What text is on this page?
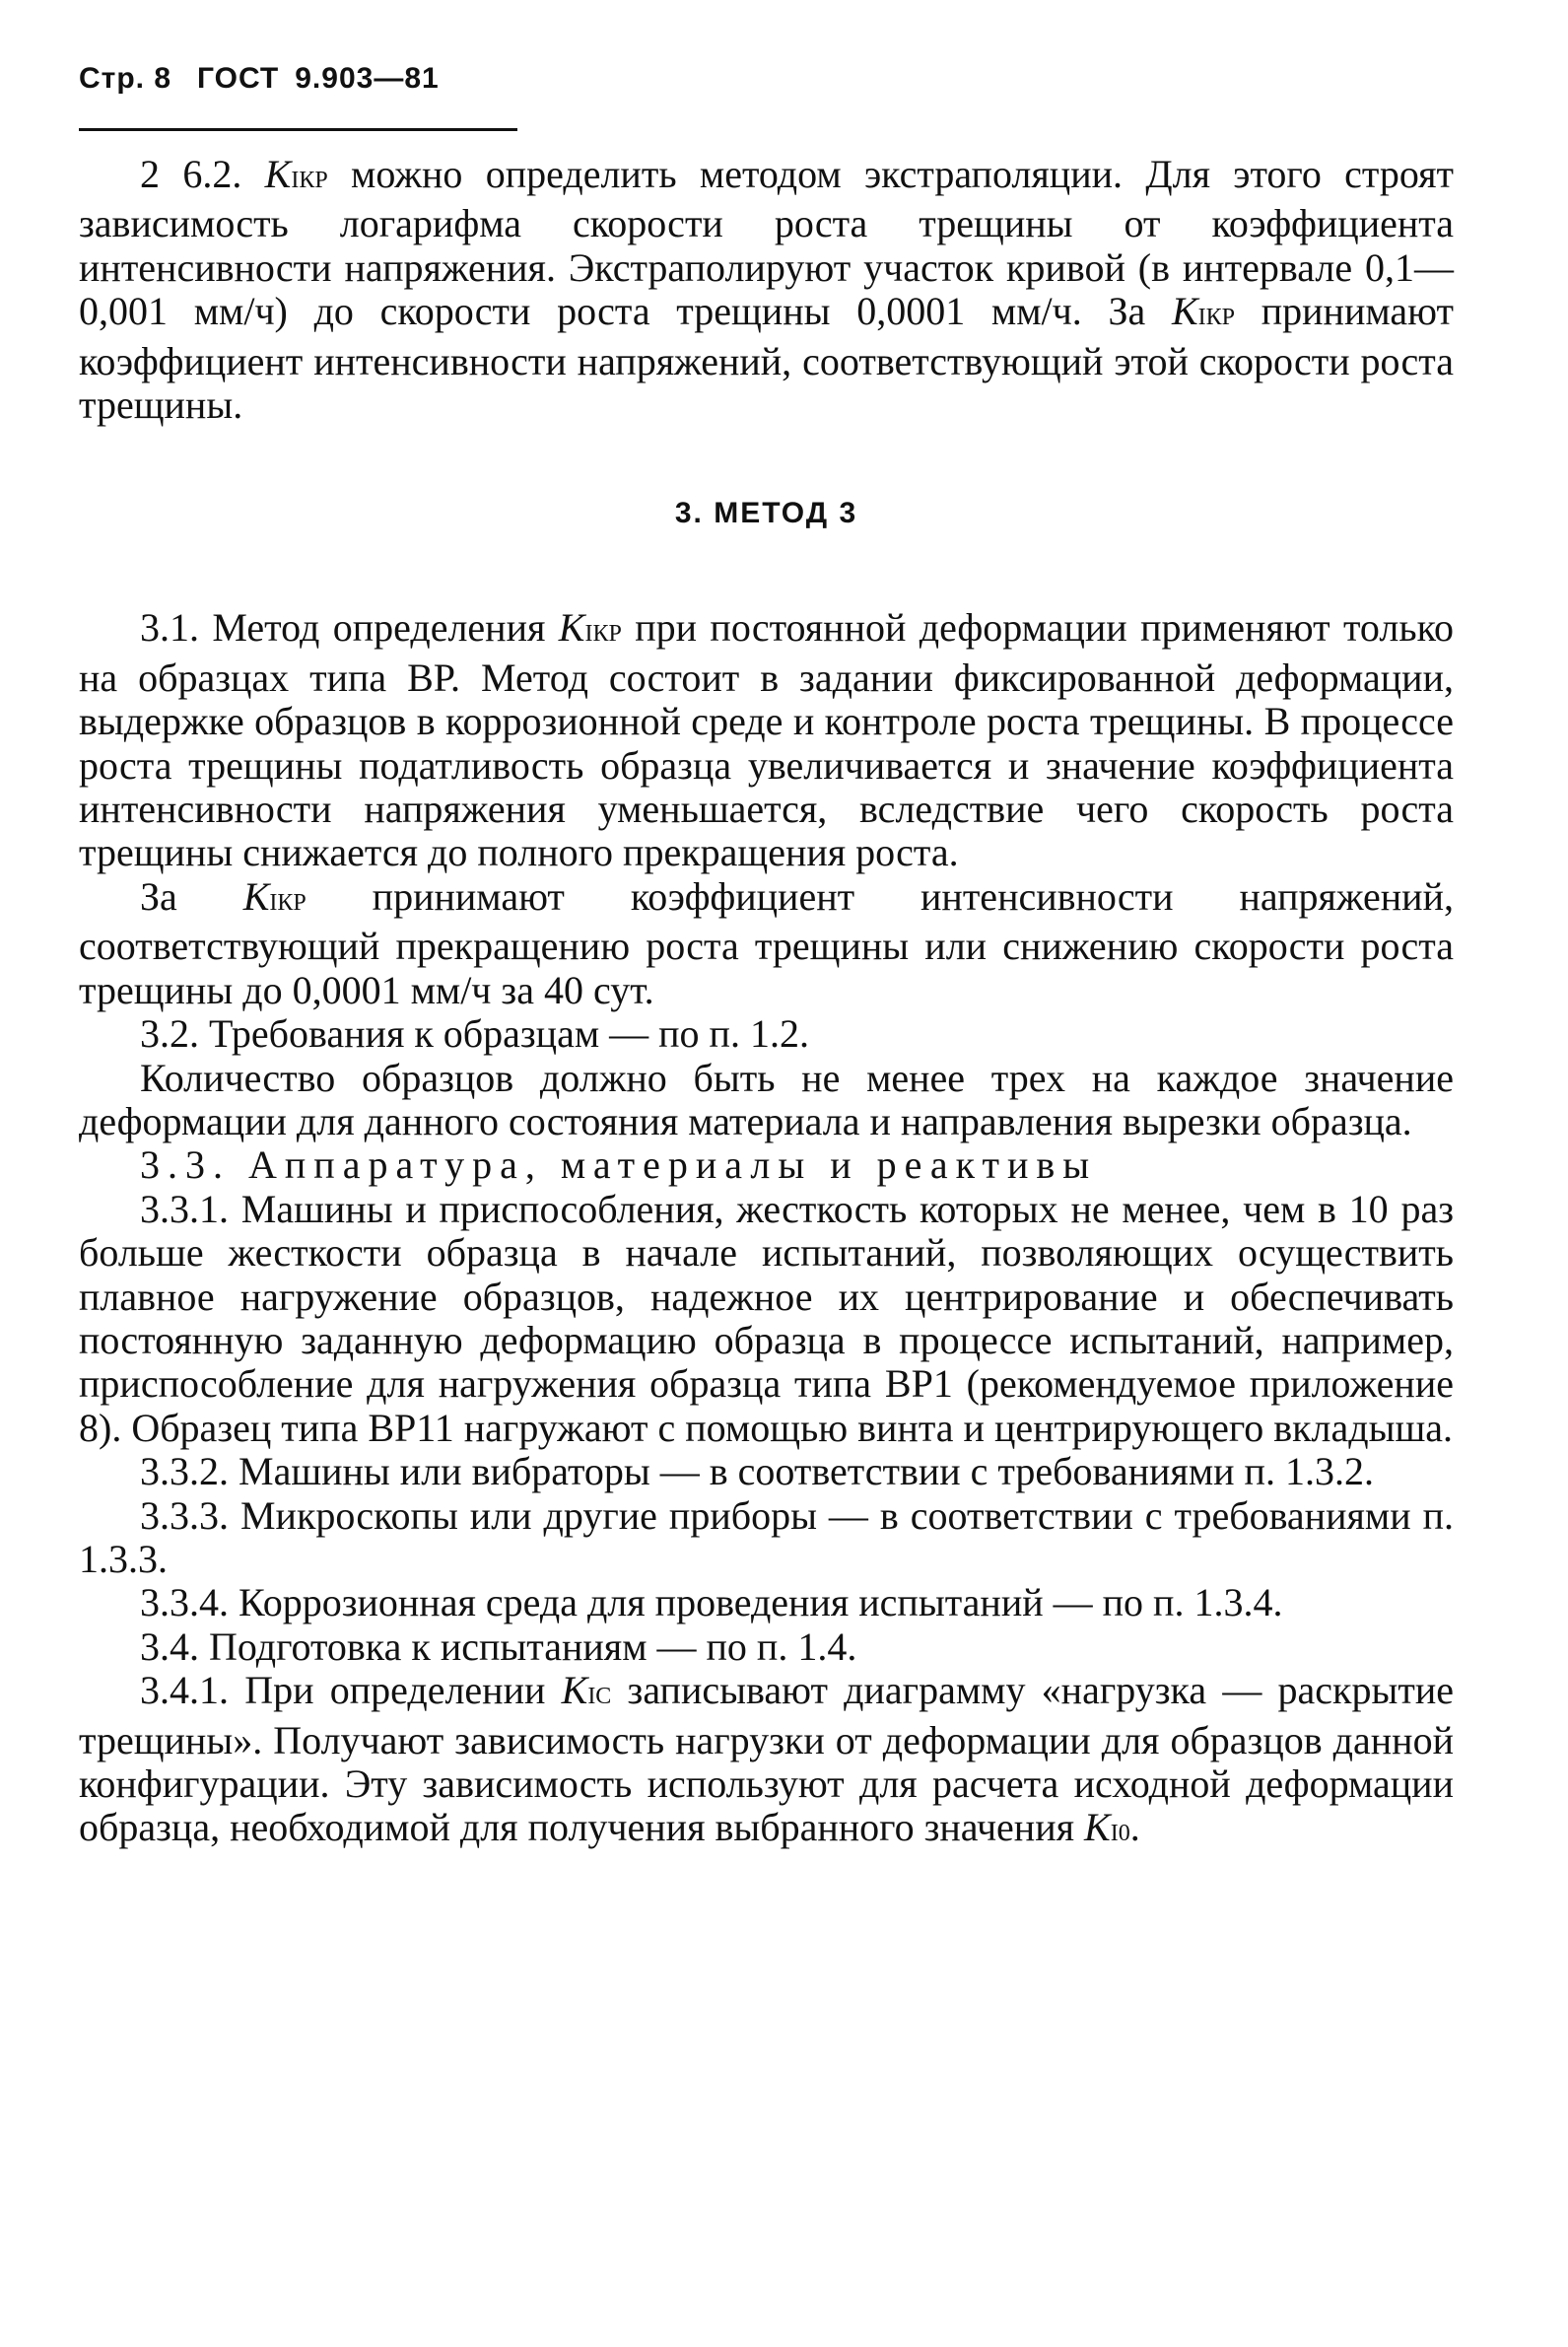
Стр. 8 ГОСТ 9.903—81

2 6.2. KIКР можно определить методом экстраполяции. Для этого строят зависимость логарифма скорости роста трещины от коэффициента интенсивности напряжения. Экстраполируют участок кривой (в интервале 0,1—0,001 мм/ч) до скорости роста трещины 0,0001 мм/ч. За KIКР принимают коэффициент интенсивности напряжений, соответствующий этой скорости роста трещины.

3. МЕТОД 3

3.1. Метод определения KIКР при постоянной деформации применяют только на образцах типа ВР. Метод состоит в задании фиксированной деформации, выдержке образцов в коррозионной среде и контроле роста трещины. В процессе роста трещины податливость образца увеличивается и значение коэффициента интенсивности напряжения уменьшается, вследствие чего скорость роста трещины снижается до полного прекращения роста.

За KIКР принимают коэффициент интенсивности напряжений, соответствующий прекращению роста трещины или снижению скорости роста трещины до 0,0001 мм/ч за 40 сут.

3.2. Требования к образцам — по п. 1.2.

Количество образцов должно быть не менее трех на каждое значение деформации для данного состояния материала и направления вырезки образца.

3.3. Аппаратура, материалы и реактивы

3.3.1. Машины и приспособления, жесткость которых не менее, чем в 10 раз больше жесткости образца в начале испытаний, позволяющих осуществить плавное нагружение образцов, надежное их центрирование и обеспечивать постоянную заданную деформацию образца в процессе испытаний, например, приспособление для нагружения образца типа ВР1 (рекомендуемое приложение 8). Образец типа ВР11 нагружают с помощью винта и центрирующего вкладыша.

3.3.2. Машины или вибраторы — в соответствии с требованиями п. 1.3.2.

3.3.3. Микроскопы или другие приборы — в соответствии с требованиями п. 1.3.3.

3.3.4. Коррозионная среда для проведения испытаний — по п. 1.3.4.

3.4. Подготовка к испытаниям — по п. 1.4.

3.4.1. При определении KIC записывают диаграмму «нагрузка — раскрытие трещины». Получают зависимость нагрузки от деформации для образцов данной конфигурации. Эту зависимость используют для расчета исходной деформации образца, необходимой для получения выбранного значения KI0.
